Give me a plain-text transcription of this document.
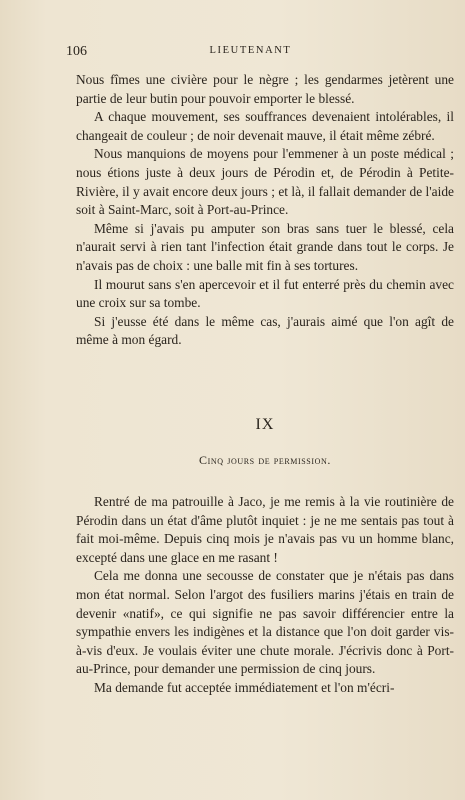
106	LIEUTENANT

Nous fîmes une civière pour le nègre ; les gendarmes jetèrent une partie de leur butin pour pouvoir emporter le blessé.

A chaque mouvement, ses souffrances devenaient intolérables, il changeait de couleur ; de noir devenait mauve, il était même zébré.

Nous manquions de moyens pour l'emmener à un poste médical ; nous étions juste à deux jours de Pérodin et, de Pérodin à Petite-Rivière, il y avait encore deux jours ; et là, il fallait demander de l'aide soit à Saint-Marc, soit à Port-au-Prince.

Même si j'avais pu amputer son bras sans tuer le blessé, cela n'aurait servi à rien tant l'infection était grande dans tout le corps. Je n'avais pas de choix : une balle mit fin à ses tortures.

Il mourut sans s'en apercevoir et il fut enterré près du chemin avec une croix sur sa tombe.

Si j'eusse été dans le même cas, j'aurais aimé que l'on agît de même à mon égard.

IX
Cinq jours de permission.

Rentré de ma patrouille à Jaco, je me remis à la vie routinière de Pérodin dans un état d'âme plutôt inquiet : je ne me sentais pas tout à fait moi-même. Depuis cinq mois je n'avais pas vu un homme blanc, excepté dans une glace en me rasant !

Cela me donna une secousse de constater que je n'étais pas dans mon état normal. Selon l'argot des fusiliers marins j'étais en train de devenir «natif», ce qui signifie ne pas savoir différencier entre la sympathie envers les indigènes et la distance que l'on doit garder vis-à-vis d'eux. Je voulais éviter une chute morale. J'écrivis donc à Port-au-Prince, pour demander une permission de cinq jours.

Ma demande fut acceptée immédiatement et l'on m'écri-
